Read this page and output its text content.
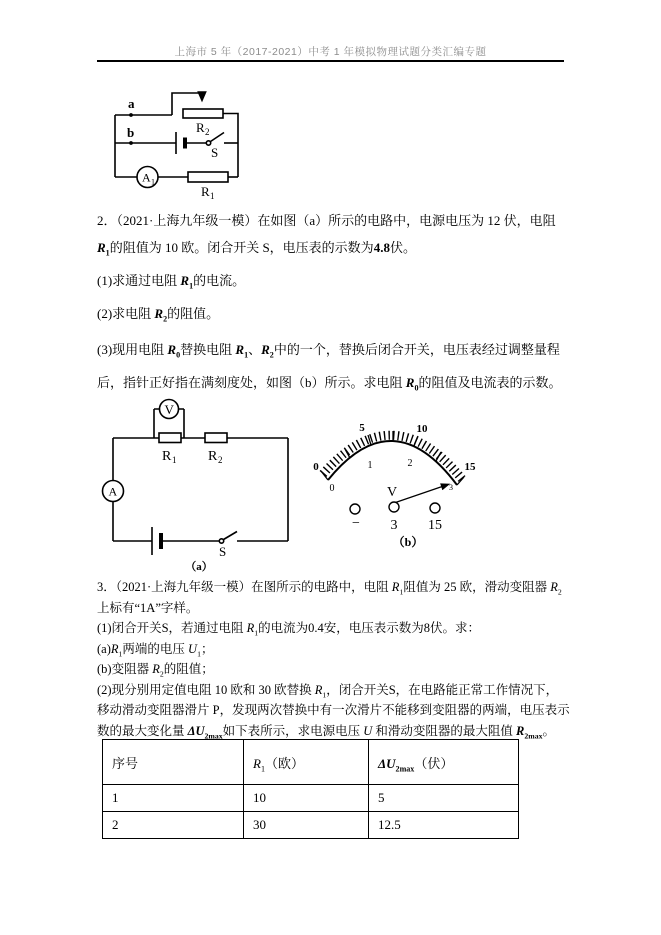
上海市 5 年（2017-2021）中考 1 年模拟物理试题分类汇编专题
a
b	R 2
S
A 1
R 1

2．（2021·上海九年级一模）在如图（a）所示的电路中，电源电压为 12 伏，电阻 $R_1$的阻值为 10 欧。闭合开关 S，电压表的示数为4.8伏。

(1)求通过电阻 $R_1$的电流。

(2)求电阻 $R_2$的阻值。

(3)现用电阻 $R_0$替换电阻 $R_1$、$R_2$中的一个，替换后闭合开关，电压表经过调整量程后，指针正好指在满刻度处，如图（b）所示。求电阻 $R_0$的阻值及电流表的示数。

V
R 1 R 2
A
S
（a）
0
5	10
15
0
1	2
3
V
− 3 15
（b）

3．（2021·上海九年级一模）在图所示的电路中，电阻 $R_1$阻值为 25 欧，滑动变阻器 $R_2$上标有“1A”字样。

(1)闭合开关S，若通过电阻 $R_1$的电流为0.4安，电压表示数为8伏。求：

$(a)R_1$两端的电压 $U_1$；

(b)变阻器 $R_2$的阻值；

(2)现分别用定值电阻 10 欧和 30 欧替换 $R_1$，闭合开关S，在电路能正常工作情况下，移动滑动变阻器滑片 P，发现两次替换中有一次滑片不能移到变阻器的两端，电压表示数的最大变化量 $\Delta U_{2max}$如下表所示，求电源电压 U 和滑动变阻器的最大阻值 $R_{2max}$。

序号	$R_1$（欧）	$\Delta U_{2max}$（伏）
1	10	5
2	30	12.5
